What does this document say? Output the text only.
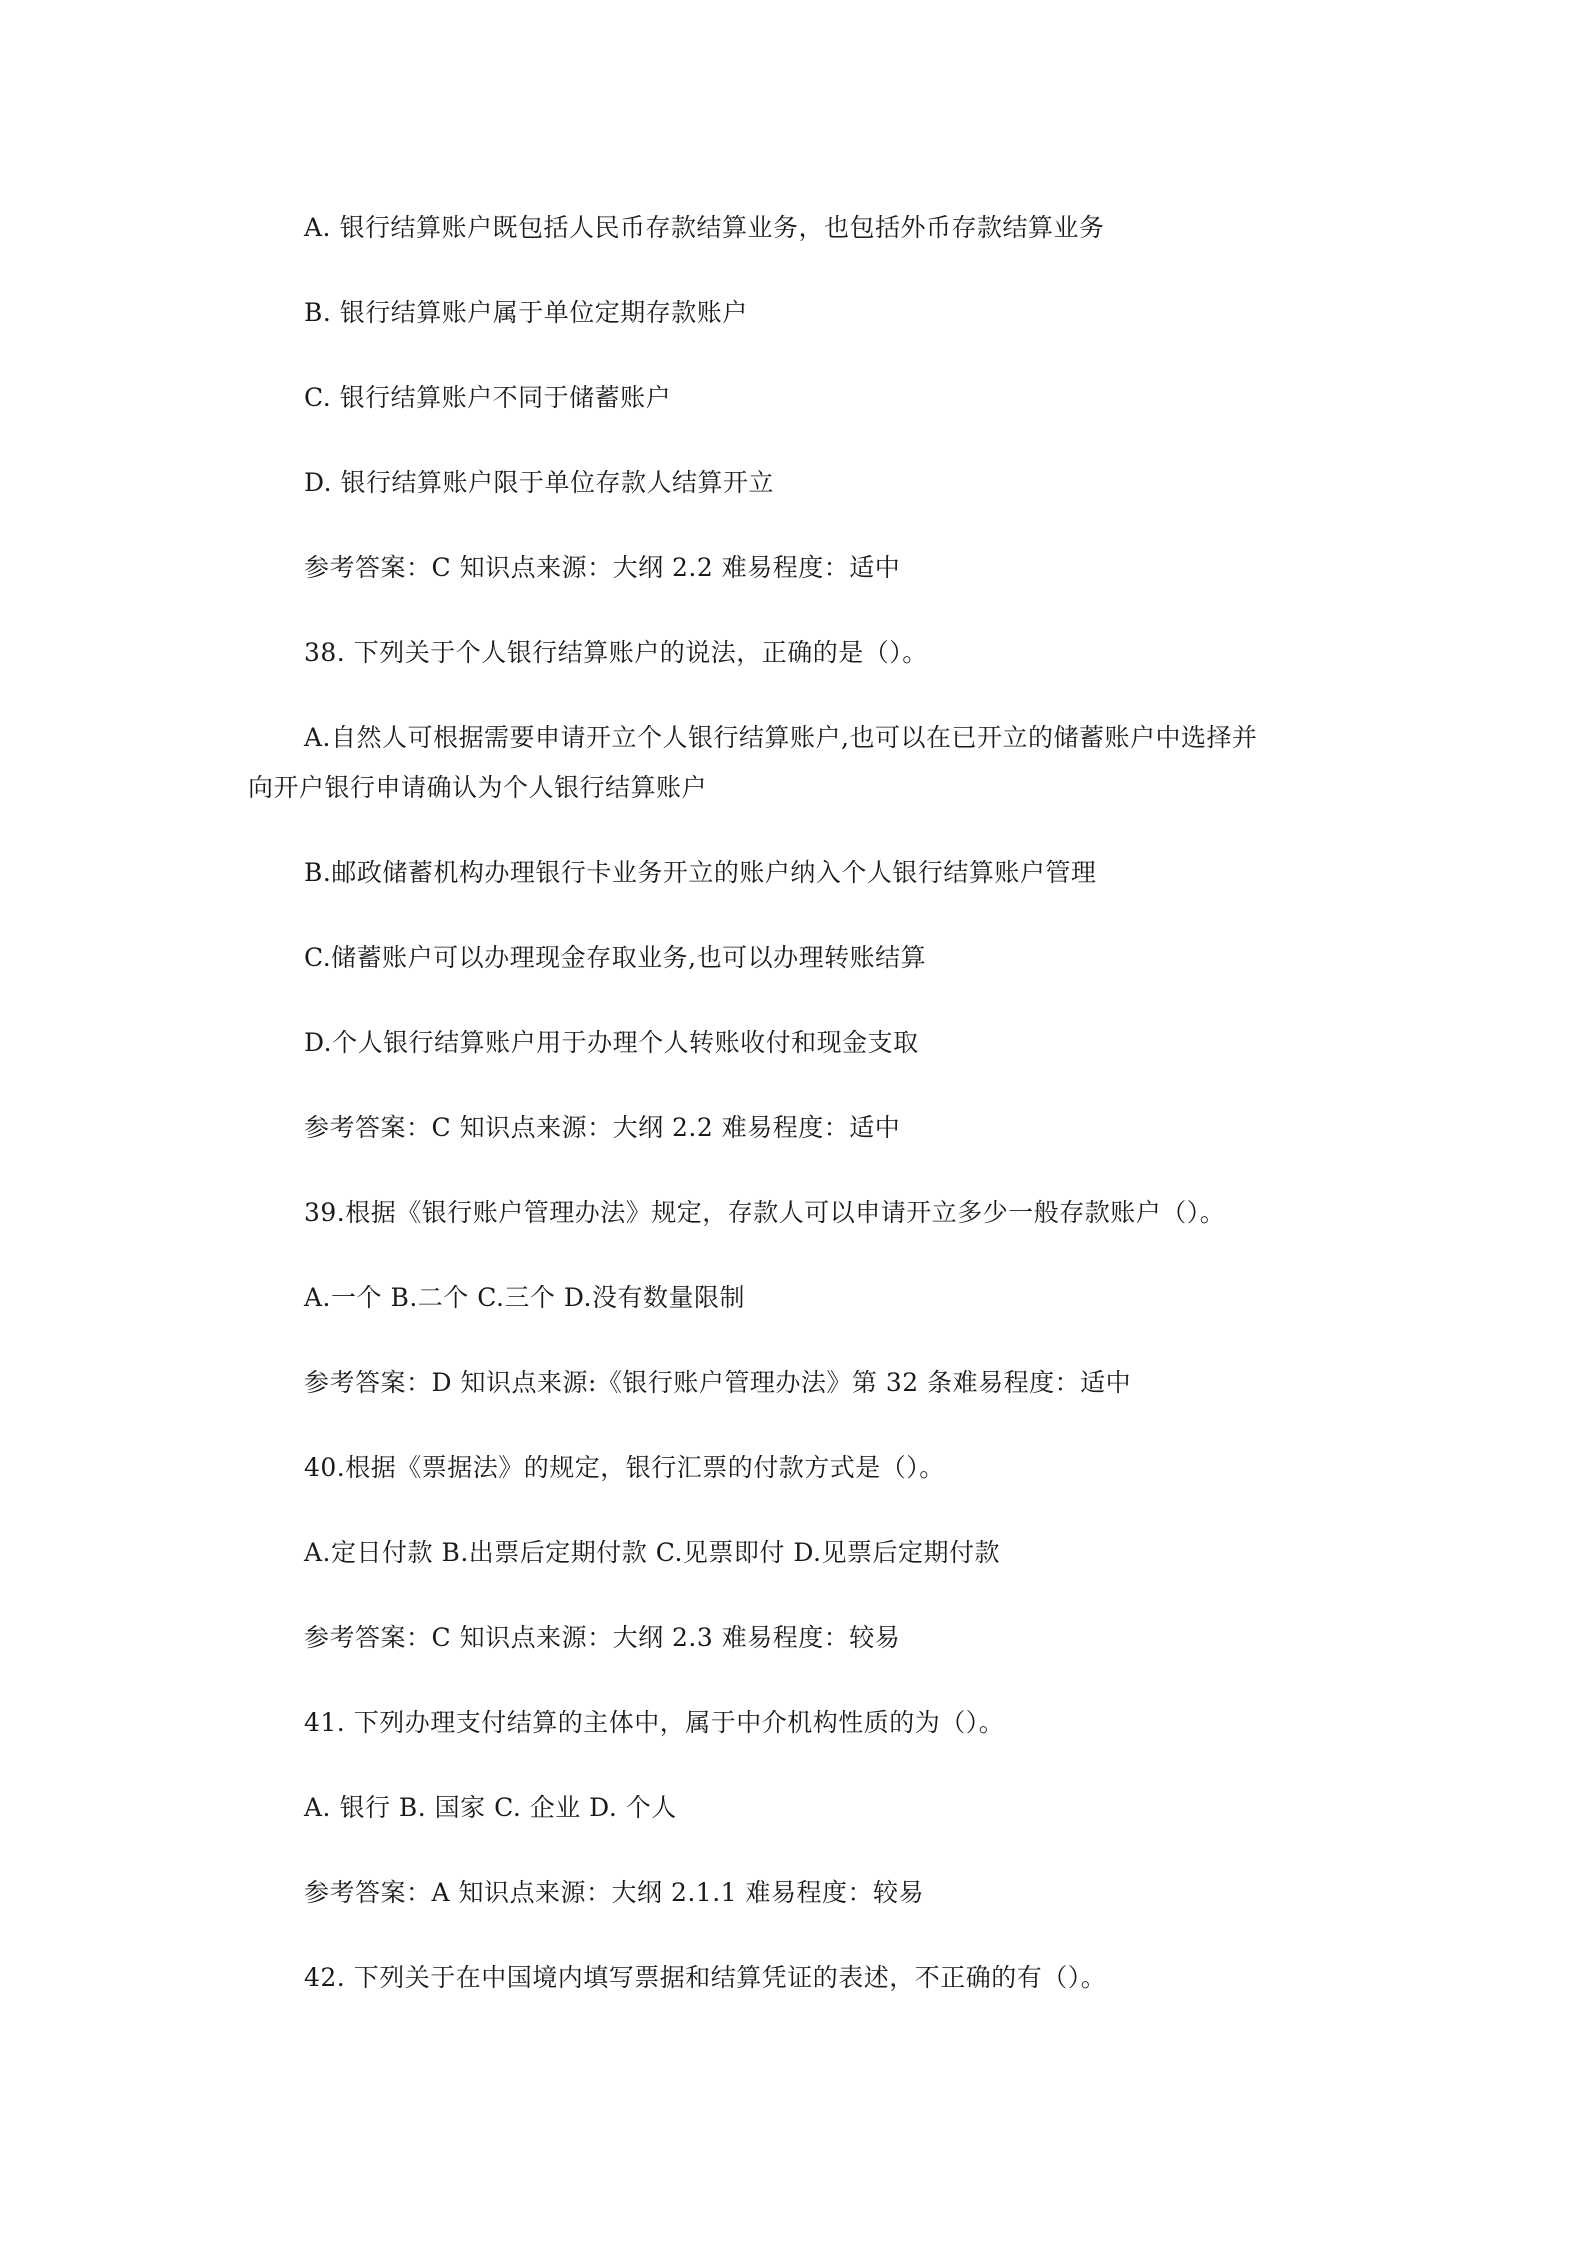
A. 银行结算账户既包括人民币存款结算业务，也包括外币存款结算业务
B. 银行结算账户属于单位定期存款账户
C. 银行结算账户不同于储蓄账户
D. 银行结算账户限于单位存款人结算开立
参考答案：C 知识点来源：大纲 2.2 难易程度：适中
38. 下列关于个人银行结算账户的说法，正确的是（）。
A.自然人可根据需要申请开立个人银行结算账户,也可以在已开立的储蓄账户中选择并
向开户银行申请确认为个人银行结算账户
B.邮政储蓄机构办理银行卡业务开立的账户纳入个人银行结算账户管理
C.储蓄账户可以办理现金存取业务,也可以办理转账结算
D.个人银行结算账户用于办理个人转账收付和现金支取
参考答案：C 知识点来源：大纲 2.2 难易程度：适中
39.根据《银行账户管理办法》规定，存款人可以申请开立多少一般存款账户（）。
A.一个 B.二个 C.三个 D.没有数量限制
参考答案：D 知识点来源:《银行账户管理办法》第 32 条难易程度：适中
40.根据《票据法》的规定，银行汇票的付款方式是（）。
A.定日付款 B.出票后定期付款 C.见票即付 D.见票后定期付款
参考答案：C 知识点来源：大纲 2.3 难易程度：较易
41. 下列办理支付结算的主体中，属于中介机构性质的为（）。
A. 银行 B. 国家 C. 企业 D. 个人
参考答案：A 知识点来源：大纲 2.1.1 难易程度：较易
42. 下列关于在中国境内填写票据和结算凭证的表述，不正确的有（）。
